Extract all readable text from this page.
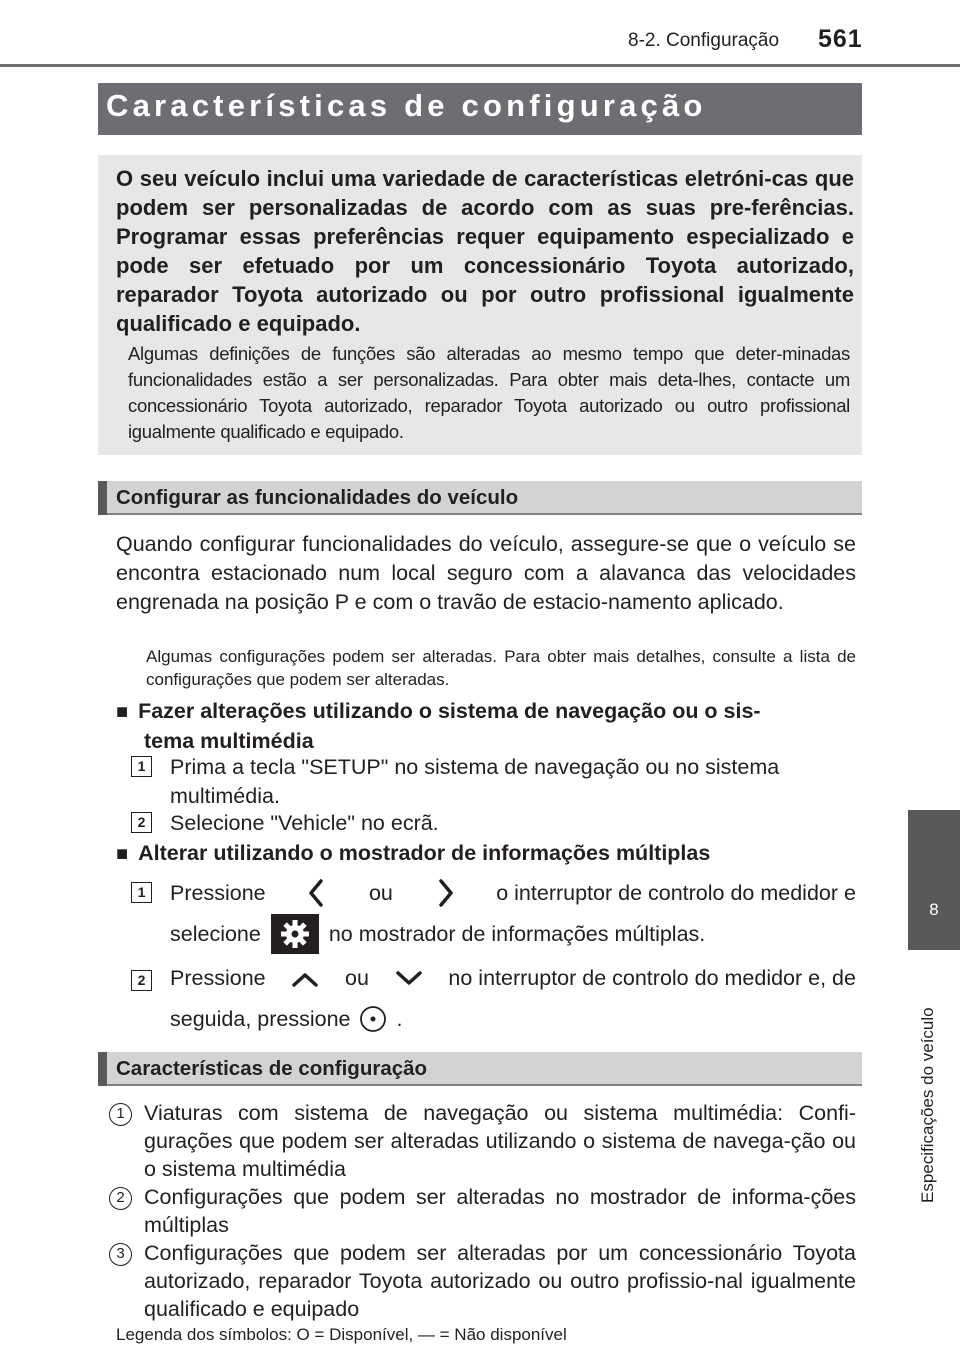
8-2. Configuração 561
8
Especificações do veículo
Características de configuração
O seu veículo inclui uma variedade de características eletróni-cas que podem ser personalizadas de acordo com as suas pre-ferências. Programar essas preferências requer equipamento especializado e pode ser efetuado por um concessionário Toyota autorizado, reparador Toyota autorizado ou por outro profissional igualmente qualificado e equipado.
Algumas definições de funções são alteradas ao mesmo tempo que deter-minadas funcionalidades estão a ser personalizadas. Para obter mais deta-lhes, contacte um concessionário Toyota autorizado, reparador Toyota autorizado ou outro profissional igualmente qualificado e equipado.
Configurar as funcionalidades do veículo
Quando configurar funcionalidades do veículo, assegure-se que o veículo se encontra estacionado num local seguro com a alavanca das velocidades engrenada na posição P e com o travão de estacio-namento aplicado.
Algumas configurações podem ser alteradas. Para obter mais detalhes, consulte a lista de configurações que podem ser alteradas.
■ Fazer alterações utilizando o sistema de navegação ou o sis-
tema multimédia
1	Prima a tecla "SETUP" no sistema de navegação ou no sistema multimédia.
2	Selecione "Vehicle" no ecrã.
■ Alterar utilizando o mostrador de informações múltiplas
1	Pressione	ou	o interruptor de controlo do medidor e
selecione	no mostrador de informações múltiplas.
2	Pressione	ou	no interruptor de controlo do medidor e, de
seguida, pressione .
Características de configuração
1 Viaturas com sistema de navegação ou sistema multimédia: Confi-gurações que podem ser alteradas utilizando o sistema de navega-ção ou o sistema multimédia
2 Configurações que podem ser alteradas no mostrador de informa-ções múltiplas
3 Configurações que podem ser alteradas por um concessionário Toyota autorizado, reparador Toyota autorizado ou outro profissio-nal igualmente qualificado e equipado
Legenda dos símbolos: O = Disponível, — = Não disponível
